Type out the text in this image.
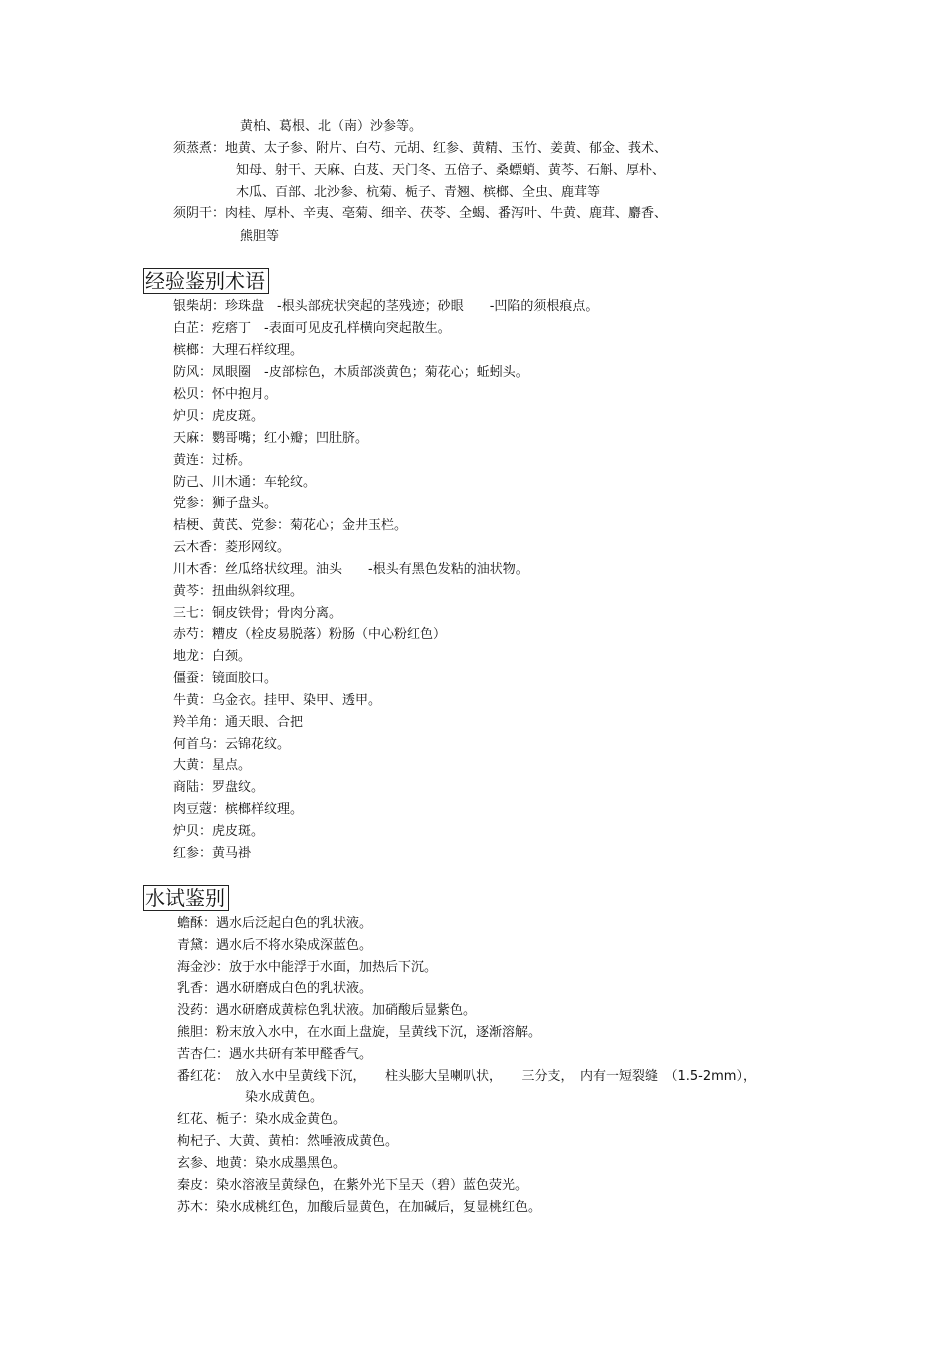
黄柏、葛根、北（南）沙参等。
须蒸煮：地黄、太子参、附片、白芍、元胡、红参、黄精、玉竹、姜黄、郁金、莪术、
知母、射干、天麻、白芨、天门冬、五倍子、桑螵蛸、黄芩、石斛、厚朴、
木瓜、百部、北沙参、杭菊、栀子、青翘、槟榔、全虫、鹿茸等
须阴干：肉桂、厚朴、辛夷、亳菊、细辛、茯苓、全蝎、番泻叶、牛黄、鹿茸、麝香、
熊胆等
经验鉴别术语
银柴胡：珍珠盘　-根头部疣状突起的茎残迹；砂眼　　-凹陷的须根痕点。
白芷：疙瘩丁　-表面可见皮孔样横向突起散生。
槟榔：大理石样纹理。
防风：凤眼圈　-皮部棕色，木质部淡黄色；菊花心；蚯蚓头。
松贝：怀中抱月。
炉贝：虎皮斑。
天麻：鹦哥嘴；红小瓣；凹肚脐。
黄连：过桥。
防己、川木通：车轮纹。
党参：狮子盘头。
桔梗、黄芪、党参：菊花心；金井玉栏。
云木香：菱形网纹。
川木香：丝瓜络状纹理。油头　　-根头有黑色发粘的油状物。
黄芩：扭曲纵斜纹理。
三七：铜皮铁骨；骨肉分离。
赤芍：糟皮（栓皮易脱落）粉肠（中心粉红色）
地龙：白颈。
僵蚕：镜面胶口。
牛黄：乌金衣。挂甲、染甲、透甲。
羚羊角：通天眼、合把
何首乌：云锦花纹。
大黄：星点。
商陆：罗盘纹。
肉豆蔻：槟榔样纹理。
炉贝：虎皮斑。
红参：黄马褂
水试鉴别
蟾酥：遇水后泛起白色的乳状液。
青黛：遇水后不将水染成深蓝色。
海金沙：放于水中能浮于水面，加热后下沉。
乳香：遇水研磨成白色的乳状液。
没药：遇水研磨成黄棕色乳状液。加硝酸后显紫色。
熊胆：粉末放入水中，在水面上盘旋，呈黄线下沉，逐渐溶解。
苦杏仁：遇水共研有苯甲醛香气。
番红花：　放入水中呈黄线下沉，　　柱头膨大呈喇叭状，　　三分支，　内有一短裂缝　（1.5-2mm），
染水成黄色。
红花、栀子：染水成金黄色。
枸杞子、大黄、黄柏：然唾液成黄色。
玄参、地黄：染水成墨黑色。
秦皮：染水溶液呈黄绿色，在紫外光下呈天（碧）蓝色荧光。
苏木：染水成桃红色，加酸后显黄色，在加碱后，复显桃红色。
